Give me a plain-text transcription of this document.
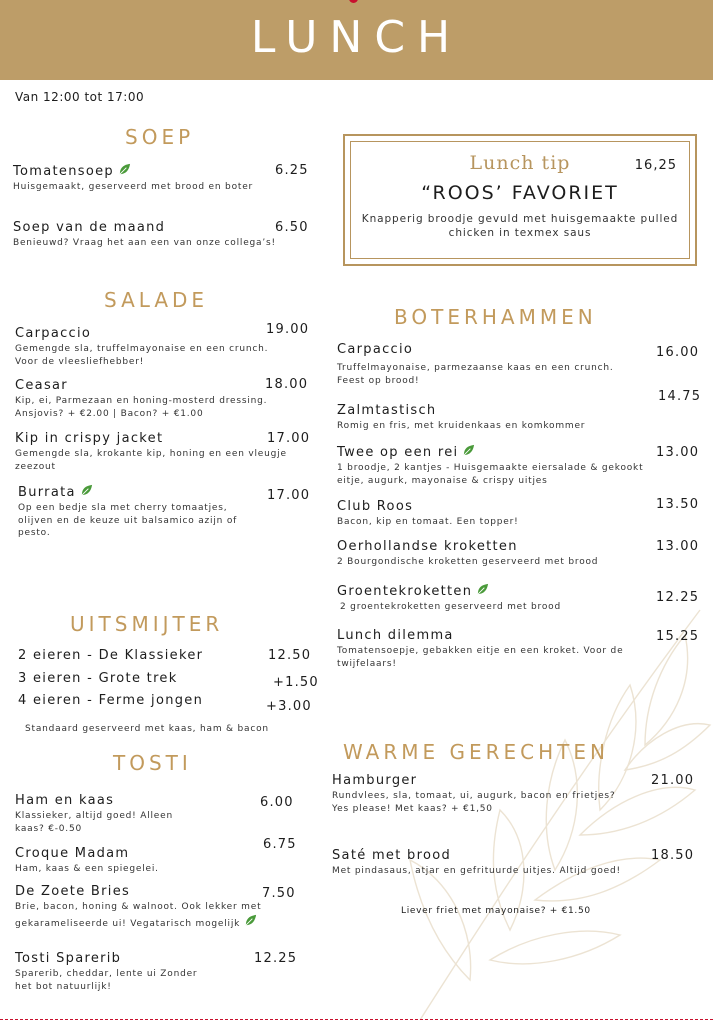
LUNCH
Van 12:00 tot 17:00
SOEP
Tomatensoep
Huisgemaakt, geserveerd met brood en boter
6.25
Soep van de maand
Benieuwd? Vraag het aan een van onze collega’s!
6.50
Lunch tip	16,25
“ROOS’ FAVORIET
Knapperig broodje gevuld met huisgemaakte pulled chicken in texmex saus
SALADE
Carpaccio
Gemengde sla, truffelmayonaise en een crunch. Voor de vleesliefhebber!
19.00
Ceasar
Kip, ei, Parmezaan en honing-mosterd dressing. Ansjovis? + €2.00 | Bacon? + €1.00
18.00
Kip in crispy jacket
Gemengde sla, krokante kip, honing en een vleugje zeezout
17.00
Burrata
Op een bedje sla met cherry tomaatjes, olijven en de keuze uit balsamico azijn of pesto.
17.00
BOTERHAMMEN
Carpaccio
Truffelmayonaise, parmezaanse kaas en een crunch. Feest op brood!
16.00
Zalmtastisch
Romig en fris, met kruidenkaas en komkommer
14.75
Twee op een rei
1 broodje, 2 kantjes - Huisgemaakte eiersalade & gekookt eitje, augurk, mayonaise & crispy uitjes
13.00
Club Roos
Bacon, kip en tomaat. Een topper!
13.50
Oerhollandse kroketten
2 Bourgondische kroketten geserveerd met brood
13.00
Groentekroketten
2 groentekroketten geserveerd met brood
12.25
Lunch dilemma
Tomatensoepje, gebakken eitje en een kroket. Voor de twijfelaars!
15.25
UITSMIJTER
2 eieren - De Klassieker	12.50
3 eieren - Grote trek	+1.50
4 eieren - Ferme jongen	+3.00
Standaard geserveerd met kaas, ham & bacon
TOSTI
Ham en kaas
Klassieker, altijd goed! Alleen kaas? €-0.50
6.00
Croque Madam
Ham, kaas & een spiegelei.
6.75
De Zoete Bries
Brie, bacon, honing & walnoot. Ook lekker met gekarameliseerde ui! Vegatarisch mogelijk
7.50
Tosti Sparerib
Sparerib, cheddar, lente ui Zonder het bot natuurlijk!
12.25
WARME GERECHTEN
Hamburger
Rundvlees, sla, tomaat, ui, augurk, bacon en frietjes? Yes please! Met kaas? + €1,50
21.00
Saté met brood
Met pindasaus, atjar en gefrituurde uitjes. Altijd goed!
18.50
Liever friet met mayonaise? + €1.50
